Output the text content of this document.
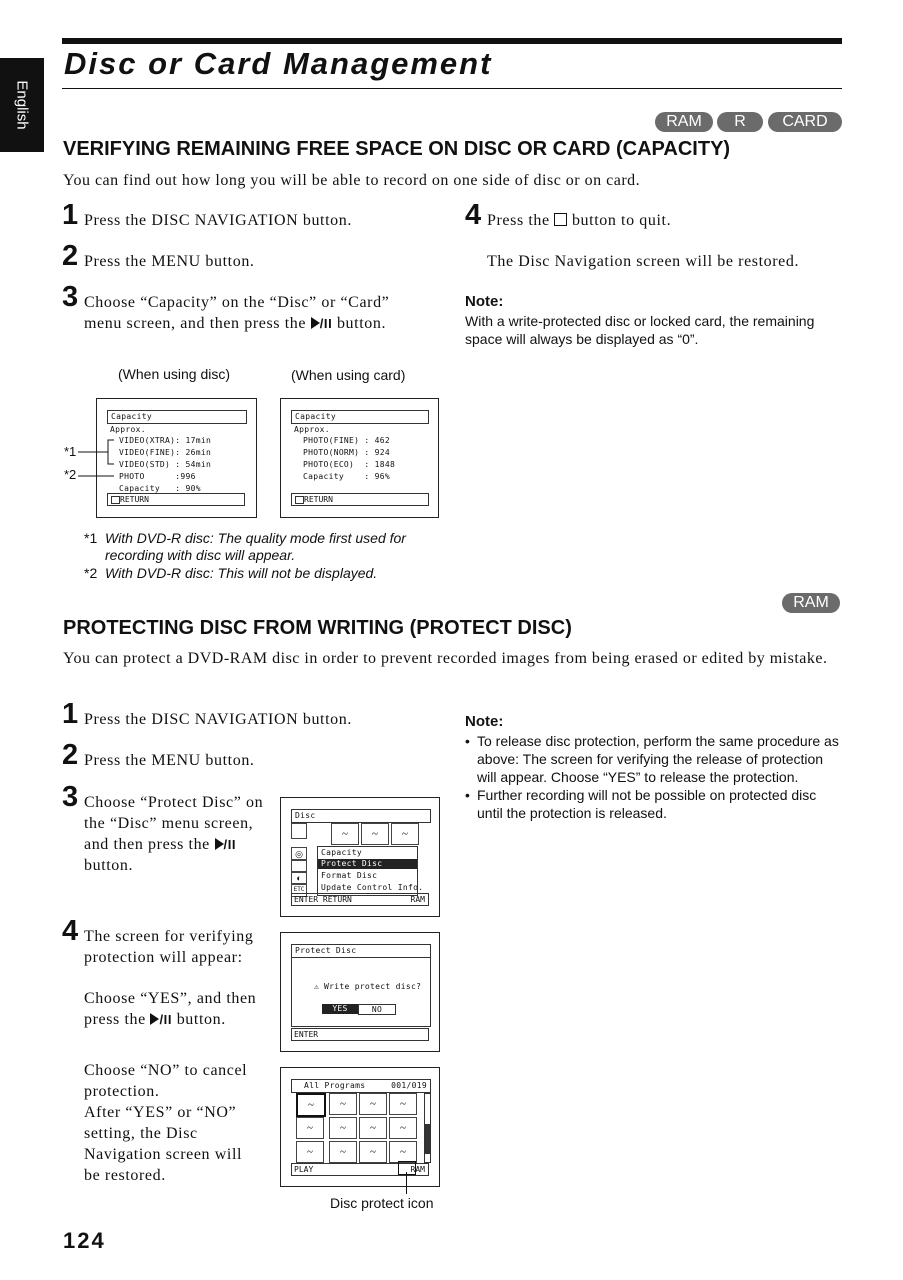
English
Disc or Card Management
RAM	R	CARD
VERIFYING REMAINING FREE SPACE ON DISC OR CARD (CAPACITY)
You can find out how long you will be able to record on one side of disc or on card.
1 Press the DISC NAVIGATION button.
2 Press the MENU button.
3 Choose “Capacity” on the “Disc” or “Card”
menu screen, and then press the /II button.
4 Press the button to quit.
The Disc Navigation screen will be restored.
Note:
With a write-protected disc or locked card, the remaining space will always be displayed as “0”.
(When using disc)	(When using card)
Capacity
Approx.
VIDEO(XTRA): 17min
VIDEO(FINE): 26min
VIDEO(STD) : 54min
PHOTO      :996
Capacity   : 90%
RETURN
*1
*2
Capacity
Approx.
PHOTO(FINE) : 462
PHOTO(NORM) : 924
PHOTO(ECO)  : 1848
Capacity    : 96%
RETURN
*1 With DVD-R disc: The quality mode first used for recording with disc will appear.
*2 With DVD-R disc: This will not be displayed.
RAM
PROTECTING DISC FROM WRITING (PROTECT DISC)
You can protect a DVD-RAM disc in order to prevent recorded images from being erased or edited by mistake.
1 Press the DISC NAVIGATION button.
2 Press the MENU button.
3 Choose “Protect Disc” on
the “Disc” menu screen,
and then press the /II
button.
4 The screen for verifying
protection will appear:
Choose “YES”, and then
press the /II button.
Choose “NO” to cancel
protection.
After “YES” or “NO”
setting, the Disc
Navigation screen will
be restored.
Note:
• To release disc protection, perform the same procedure as above: The screen for verifying the release of protection will appear. Choose “YES” to release the protection.
• Further recording will not be possible on protected disc until the protection is released.
Disc
~	~	~
◎
◐
ETC
Capacity
Protect Disc
Format Disc
Update Control Info.
ENTER RETURN	RAM
Protect Disc
⚠ Write protect disc?
YES	NO
ENTER
All Programs	001/019
~	~	~	~
~	~	~	~
~	~	~	~
PLAY	RAM
Disc protect icon
124
